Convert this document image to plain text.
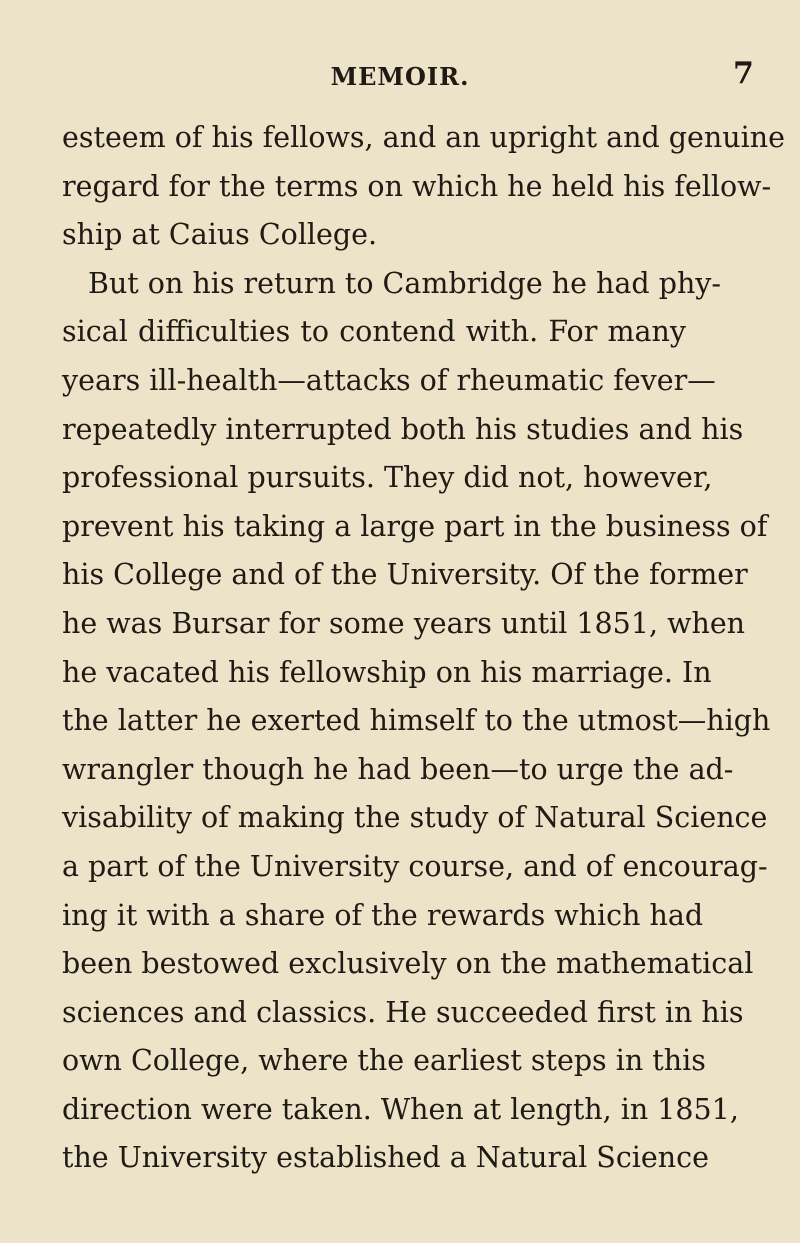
MEMOIR.	7
esteem of his fellows, and an upright and genuine
regard for the terms on which he held his fellow-
ship at Caius College.
But on his return to Cambridge he had phy-
sical difficulties to contend with. For many
years ill-health—attacks of rheumatic fever—
repeatedly interrupted both his studies and his
professional pursuits. They did not, however,
prevent his taking a large part in the business of
his College and of the University. Of the former
he was Bursar for some years until 1851, when
he vacated his fellowship on his marriage. In
the latter he exerted himself to the utmost—high
wrangler though he had been—to urge the ad-
visability of making the study of Natural Science
a part of the University course, and of encourag-
ing it with a share of the rewards which had
been bestowed exclusively on the mathematical
sciences and classics. He succeeded first in his
own College, where the earliest steps in this
direction were taken. When at length, in 1851,
the University established a Natural Science
